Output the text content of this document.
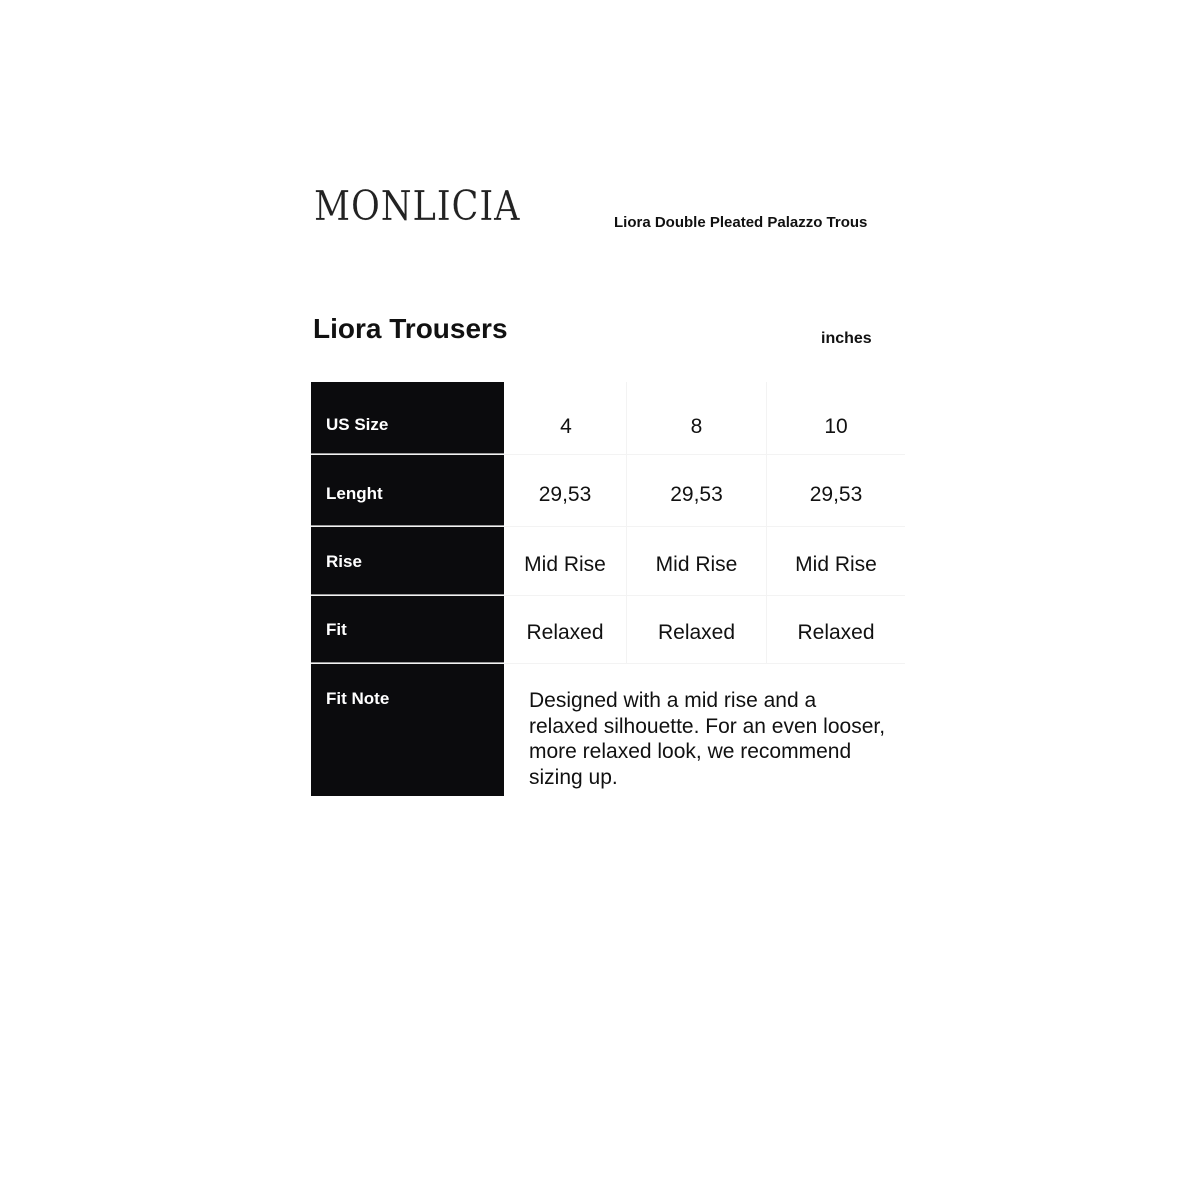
MONLICIA	Liora Double Pleated Palazzo Trous
Liora Trousers	inches
US Size	4	8	10
Lenght	29,53	29,53	29,53
Rise	Mid Rise	Mid Rise	Mid Rise
Fit	Relaxed	Relaxed	Relaxed
Fit Note	Designed with a mid rise and a relaxed silhouette. For an even looser, more relaxed look, we recommend sizing up.
